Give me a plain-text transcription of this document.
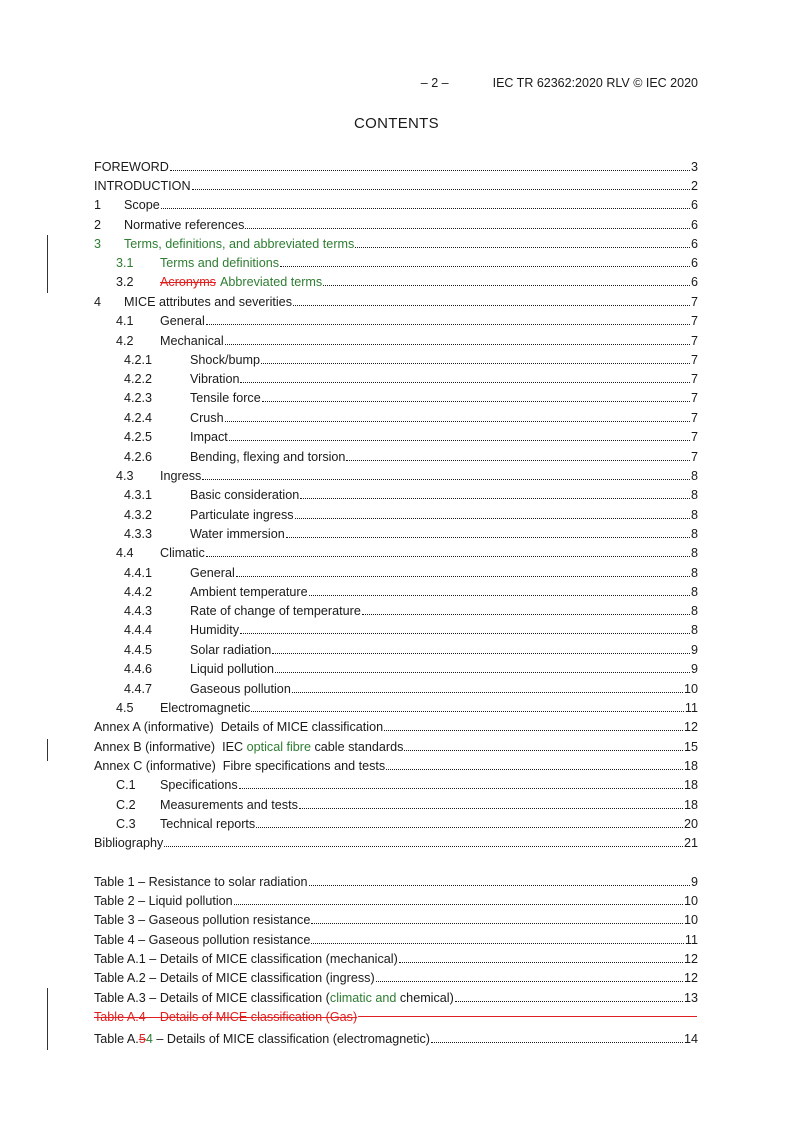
– 2 –	IEC TR 62362:2020 RLV © IEC 2020
CONTENTS
FOREWORD	3
INTRODUCTION	2
1	Scope	6
2	Normative references	6
3	Terms, definitions, and abbreviated terms	6
3.1	Terms and definitions	6
3.2	Acronyms Abbreviated terms	6
4	MICE attributes and severities	7
4.1	General	7
4.2	Mechanical	7
4.2.1	Shock/bump	7
4.2.2	Vibration	7
4.2.3	Tensile force	7
4.2.4	Crush	7
4.2.5	Impact	7
4.2.6	Bending, flexing and torsion	7
4.3	Ingress	8
4.3.1	Basic consideration	8
4.3.2	Particulate ingress	8
4.3.3	Water immersion	8
4.4	Climatic	8
4.4.1	General	8
4.4.2	Ambient temperature	8
4.4.3	Rate of change of temperature	8
4.4.4	Humidity	8
4.4.5	Solar radiation	9
4.4.6	Liquid pollution	9
4.4.7	Gaseous pollution	10
4.5	Electromagnetic	11
Annex A (informative) Details of MICE classification	12
Annex B (informative) IEC optical fibre cable standards	15
Annex C (informative) Fibre specifications and tests	18
C.1	Specifications	18
C.2	Measurements and tests	18
C.3	Technical reports	20
Bibliography	21
Table 1 – Resistance to solar radiation	9
Table 2 – Liquid pollution	10
Table 3 – Gaseous pollution resistance	10
Table 4 – Gaseous pollution resistance	11
Table A.1 – Details of MICE classification (mechanical)	12
Table A.2 – Details of MICE classification (ingress)	12
Table A.3 – Details of MICE classification ( climatic and chemical)	13
Table A.4 – Details of MICE classification (Gas)
Table A. 5 4 – Details of MICE classification (electromagnetic)	14
